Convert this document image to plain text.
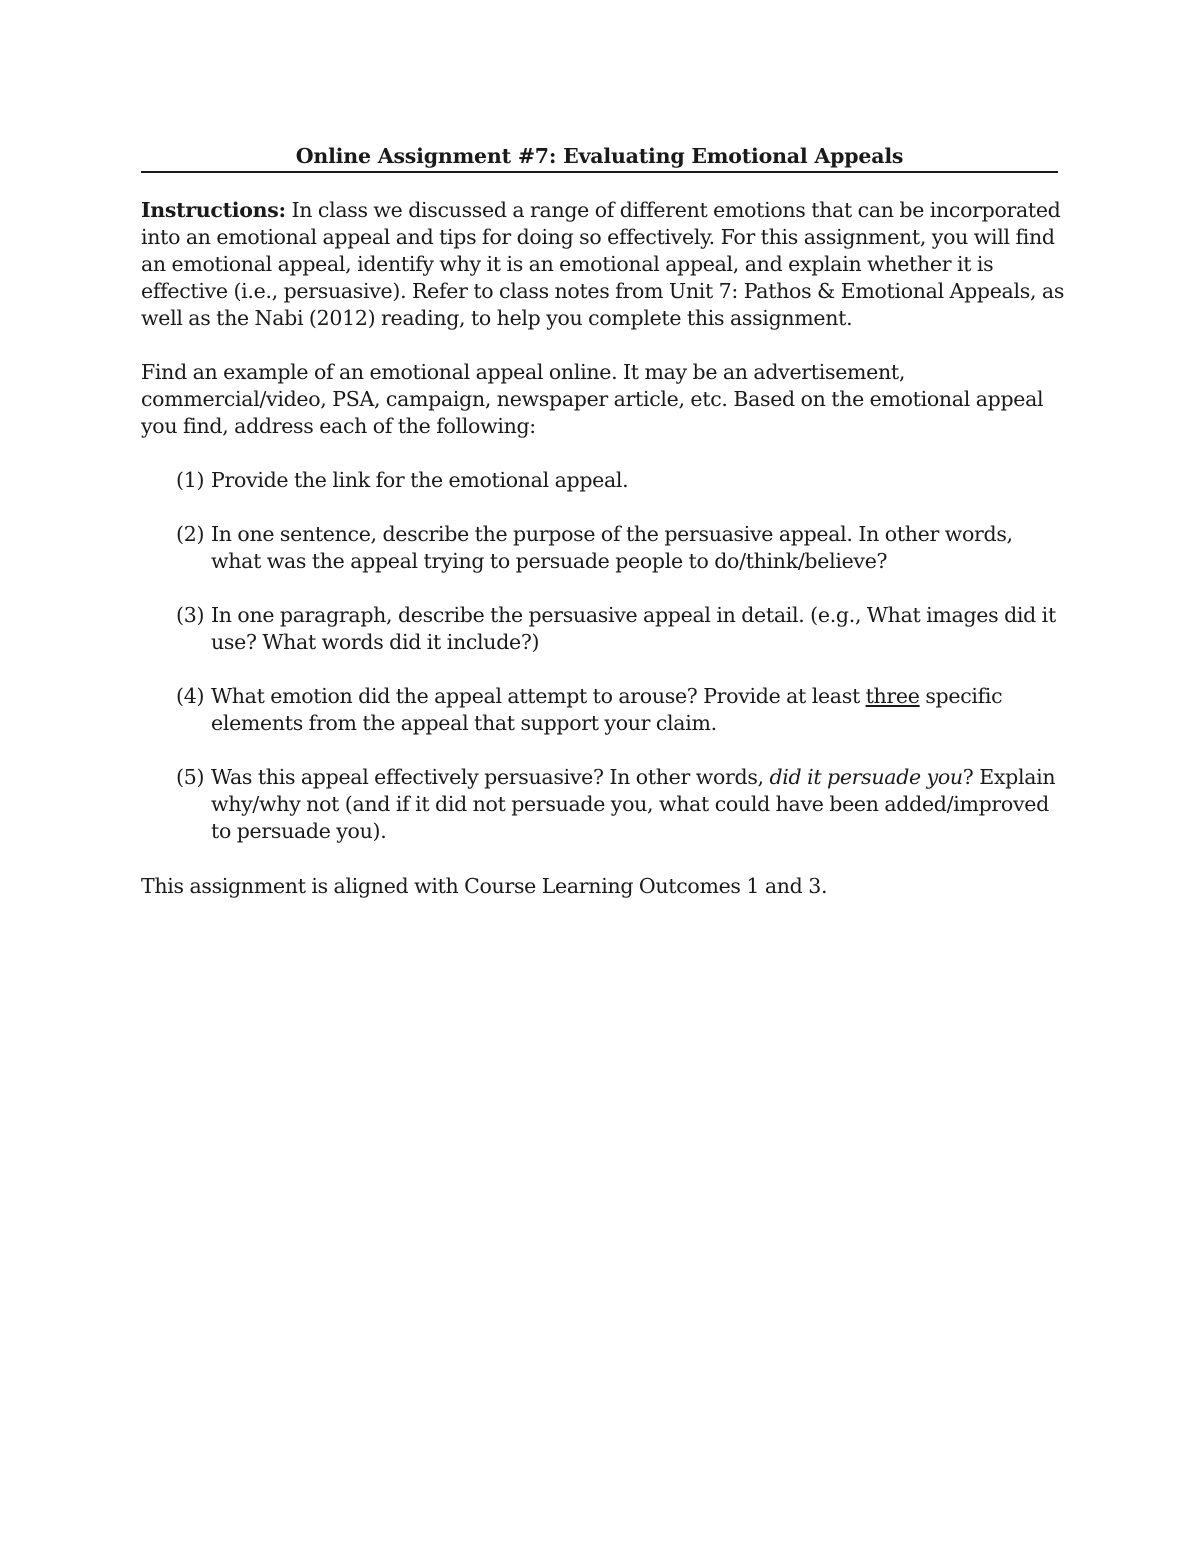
Online Assignment #7: Evaluating Emotional Appeals

Instructions: In class we discussed a range of different emotions that can be incorporated into an emotional appeal and tips for doing so effectively. For this assignment, you will find an emotional appeal, identify why it is an emotional appeal, and explain whether it is effective (i.e., persuasive). Refer to class notes from Unit 7: Pathos & Emotional Appeals, as well as the Nabi (2012) reading, to help you complete this assignment.

Find an example of an emotional appeal online. It may be an advertisement, commercial/video, PSA, campaign, newspaper article, etc. Based on the emotional appeal you find, address each of the following:

(1) Provide the link for the emotional appeal.
(2) In one sentence, describe the purpose of the persuasive appeal. In other words, what was the appeal trying to persuade people to do/think/believe?
(3) In one paragraph, describe the persuasive appeal in detail. (e.g., What images did it use? What words did it include?)
(4) What emotion did the appeal attempt to arouse? Provide at least three specific elements from the appeal that support your claim.
(5) Was this appeal effectively persuasive? In other words, did it persuade you? Explain why/why not (and if it did not persuade you, what could have been added/improved to persuade you).

This assignment is aligned with Course Learning Outcomes 1 and 3.
